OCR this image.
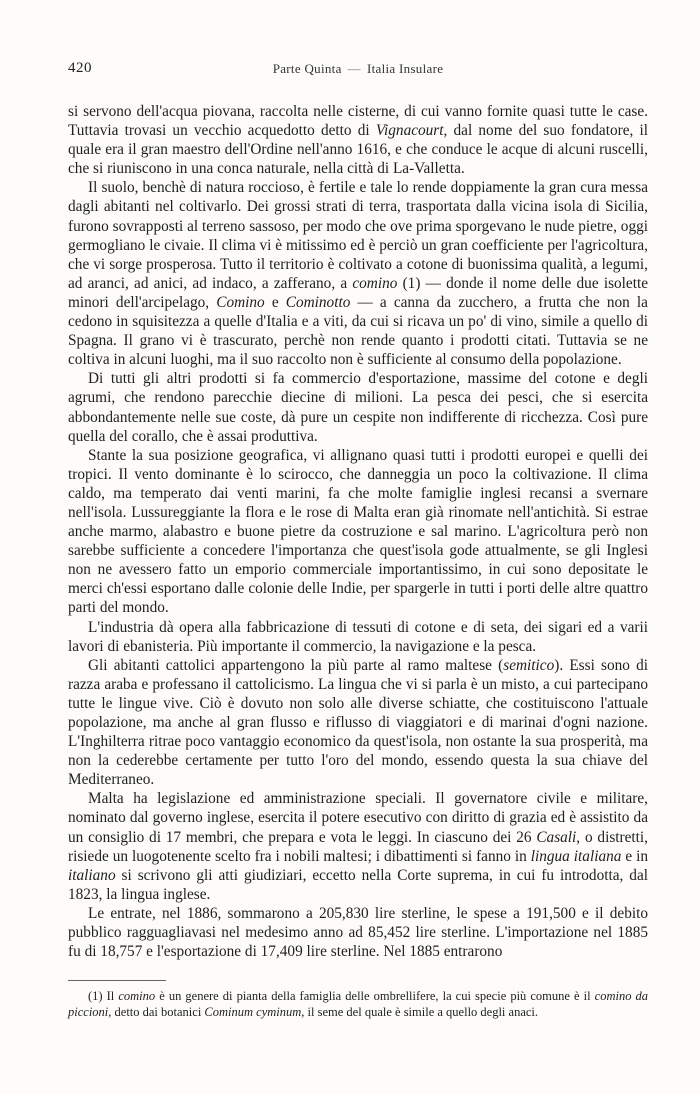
420	Parte Quinta — Italia Insulare

si servono dell'acqua piovana, raccolta nelle cisterne, di cui vanno fornite quasi tutte le case. Tuttavia trovasi un vecchio acquedotto detto di Vignacourt, dal nome del suo fondatore, il quale era il gran maestro dell'Ordine nell'anno 1616, e che conduce le acque di alcuni ruscelli, che si riuniscono in una conca naturale, nella città di La-Valletta.

Il suolo, benchè di natura roccioso, è fertile e tale lo rende doppiamente la gran cura messa dagli abitanti nel coltivarlo. Dei grossi strati di terra, trasportata dalla vicina isola di Sicilia, furono sovrapposti al terreno sassoso, per modo che ove prima sporgevano le nude pietre, oggi germogliano le civaie. Il clima vi è mitissimo ed è perciò un gran coefficiente per l'agricoltura, che vi sorge prosperosa. Tutto il territorio è coltivato a cotone di buonissima qualità, a legumi, ad aranci, ad anici, ad indaco, a zafferano, a comino (1) — donde il nome delle due isolette minori dell'arcipelago, Comino e Cominotto — a canna da zucchero, a frutta che non la cedono in squisitezza a quelle d'Italia e a viti, da cui si ricava un po' di vino, simile a quello di Spagna. Il grano vi è trascurato, perchè non rende quanto i prodotti citati. Tuttavia se ne coltiva in alcuni luoghi, ma il suo raccolto non è sufficiente al consumo della popolazione.

Di tutti gli altri prodotti si fa commercio d'esportazione, massime del cotone e degli agrumi, che rendono parecchie diecine di milioni. La pesca dei pesci, che si esercita abbondantemente nelle sue coste, dà pure un cespite non indifferente di ricchezza. Così pure quella del corallo, che è assai produttiva.

Stante la sua posizione geografica, vi allignano quasi tutti i prodotti europei e quelli dei tropici. Il vento dominante è lo scirocco, che danneggia un poco la coltivazione. Il clima caldo, ma temperato dai venti marini, fa che molte famiglie inglesi recansi a svernare nell'isola. Lussureggiante la flora e le rose di Malta eran già rinomate nell'antichità. Si estrae anche marmo, alabastro e buone pietre da costruzione e sal marino. L'agricoltura però non sarebbe sufficiente a concedere l'importanza che quest'isola gode attualmente, se gli Inglesi non ne avessero fatto un emporio commerciale importantissimo, in cui sono depositate le merci ch'essi esportano dalle colonie delle Indie, per spargerle in tutti i porti delle altre quattro parti del mondo.

L'industria dà opera alla fabbricazione di tessuti di cotone e di seta, dei sigari ed a varii lavori di ebanisteria. Più importante il commercio, la navigazione e la pesca.

Gli abitanti cattolici appartengono la più parte al ramo maltese (semitico). Essi sono di razza araba e professano il cattolicismo. La lingua che vi si parla è un misto, a cui partecipano tutte le lingue vive. Ciò è dovuto non solo alle diverse schiatte, che costituiscono l'attuale popolazione, ma anche al gran flusso e riflusso di viaggiatori e di marinai d'ogni nazione. L'Inghilterra ritrae poco vantaggio economico da quest'isola, non ostante la sua prosperità, ma non la cederebbe certamente per tutto l'oro del mondo, essendo questa la sua chiave del Mediterraneo.

Malta ha legislazione ed amministrazione speciali. Il governatore civile e militare, nominato dal governo inglese, esercita il potere esecutivo con diritto di grazia ed è assistito da un consiglio di 17 membri, che prepara e vota le leggi. In ciascuno dei 26 Casali, o distretti, risiede un luogotenente scelto fra i nobili maltesi; i dibattimenti si fanno in lingua italiana e in italiano si scrivono gli atti giudiziari, eccetto nella Corte suprema, in cui fu introdotta, dal 1823, la lingua inglese.

Le entrate, nel 1886, sommarono a 205,830 lire sterline, le spese a 191,500 e il debito pubblico ragguagliavasi nel medesimo anno ad 85,452 lire sterline. L'importazione nel 1885 fu di 18,757 e l'esportazione di 17,409 lire sterline. Nel 1885 entrarono

(1) Il comino è un genere di pianta della famiglia delle ombrellifere, la cui specie più comune è il comino da piccioni, detto dai botanici Cominum cyminum, il seme del quale è simile a quello degli anaci.
